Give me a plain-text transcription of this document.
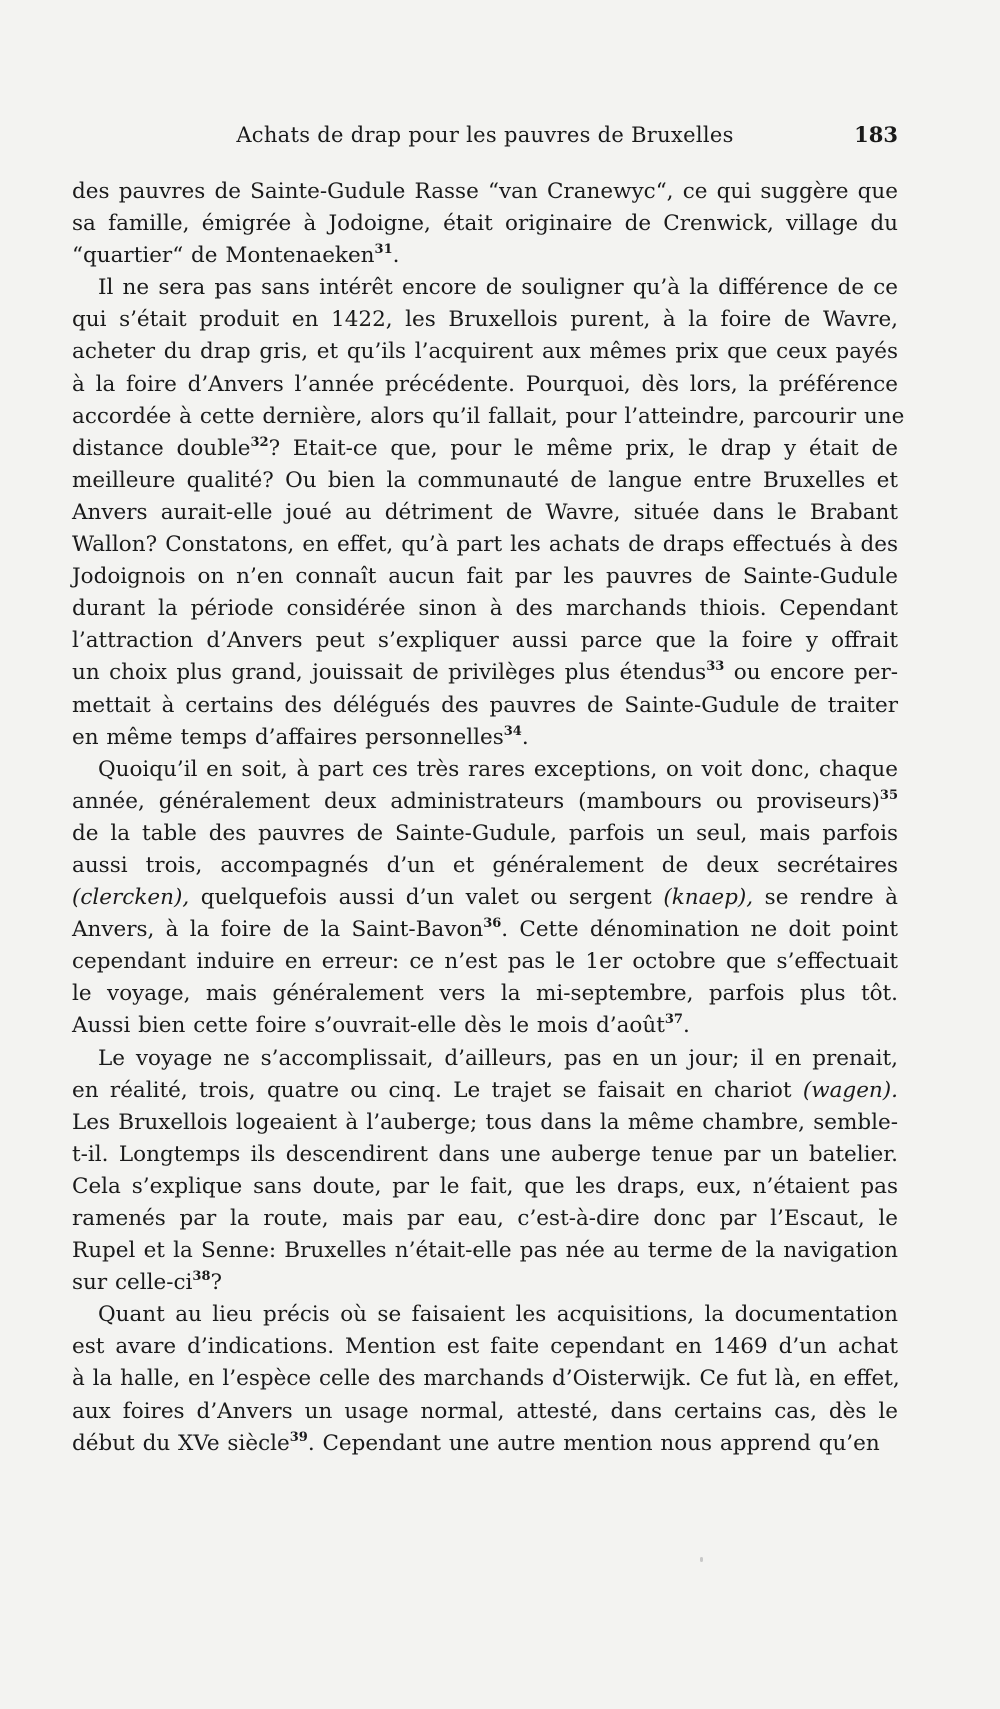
Achats de drap pour les pauvres de Bruxelles	183

des pauvres de Sainte-Gudule Rasse “van Cranewyc“, ce qui suggère que
sa famille, émigrée à Jodoigne, était originaire de Crenwick, village du
“quartier“ de Montenaeken$^{31}$.

Il ne sera pas sans intérêt encore de souligner qu’à la différence de ce
qui s’était produit en 1422, les Bruxellois purent, à la foire de Wavre,
acheter du drap gris, et qu’ils l’acquirent aux mêmes prix que ceux payés
à la foire d’Anvers l’année précédente. Pourquoi, dès lors, la préférence
accordée à cette dernière, alors qu’il fallait, pour l’atteindre, parcourir une
distance double$^{32}$? Etait-ce que, pour le même prix, le drap y était de
meilleure qualité? Ou bien la communauté de langue entre Bruxelles et
Anvers aurait-elle joué au détriment de Wavre, située dans le Brabant
Wallon? Constatons, en effet, qu’à part les achats de draps effectués à des
Jodoignois on n’en connaît aucun fait par les pauvres de Sainte-Gudule
durant la période considérée sinon à des marchands thiois. Cependant
l’attraction d’Anvers peut s’expliquer aussi parce que la foire y offrait
un choix plus grand, jouissait de privilèges plus étendus$^{33}$ ou encore per-
mettait à certains des délégués des pauvres de Sainte-Gudule de traiter
en même temps d’affaires personnelles$^{34}$.

Quoiqu’il en soit, à part ces très rares exceptions, on voit donc, chaque
année, généralement deux administrateurs (mambours ou proviseurs)$^{35}$
de la table des pauvres de Sainte-Gudule, parfois un seul, mais parfois
aussi trois, accompagnés d’un et généralement de deux secrétaires
(clercken), quelquefois aussi d’un valet ou sergent (knaep), se rendre à
Anvers, à la foire de la Saint-Bavon$^{36}$. Cette dénomination ne doit point
cependant induire en erreur: ce n’est pas le 1er octobre que s’effectuait
le voyage, mais généralement vers la mi-septembre, parfois plus tôt.
Aussi bien cette foire s’ouvrait-elle dès le mois d’août$^{37}$.

Le voyage ne s’accomplissait, d’ailleurs, pas en un jour; il en prenait,
en réalité, trois, quatre ou cinq. Le trajet se faisait en chariot (wagen).
Les Bruxellois logeaient à l’auberge; tous dans la même chambre, semble-
t-il. Longtemps ils descendirent dans une auberge tenue par un batelier.
Cela s’explique sans doute, par le fait, que les draps, eux, n’étaient pas
ramenés par la route, mais par eau, c’est-à-dire donc par l’Escaut, le
Rupel et la Senne: Bruxelles n’était-elle pas née au terme de la navigation
sur celle-ci$^{38}$?

Quant au lieu précis où se faisaient les acquisitions, la documentation
est avare d’indications. Mention est faite cependant en 1469 d’un achat
à la halle, en l’espèce celle des marchands d’Oisterwijk. Ce fut là, en effet,
aux foires d’Anvers un usage normal, attesté, dans certains cas, dès le
début du XVe siècle$^{39}$. Cependant une autre mention nous apprend qu’en
